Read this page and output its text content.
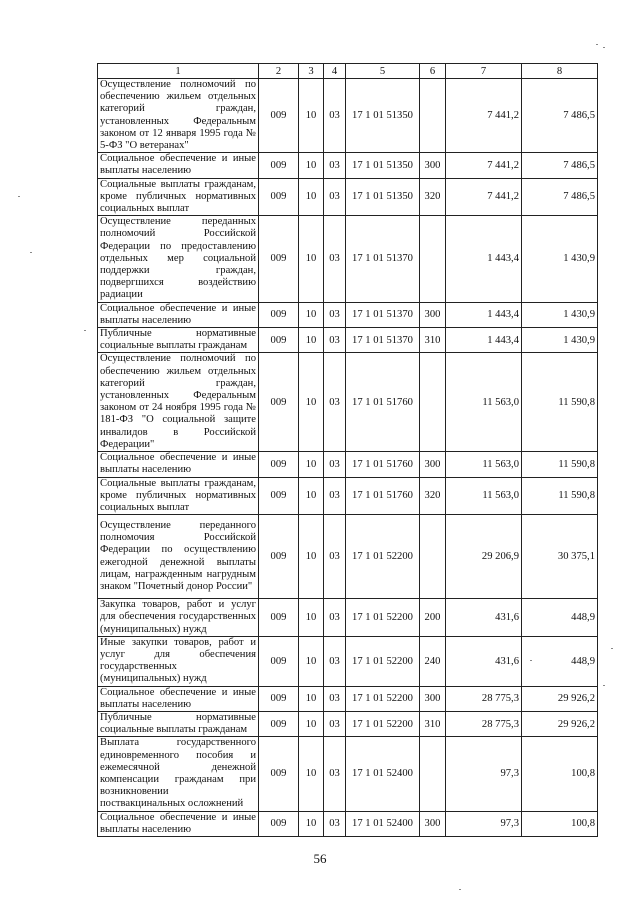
1	2	3	4	5	6	7	8
Осуществление полномочий по обеспечению жильем отдельных категорий граждан, установленных Федеральным законом от 12 января 1995 года № 5-ФЗ "О ветеранах"	009	10	03	17 1 01 51350		7 441,2	7 486,5
Социальное обеспечение и иные выплаты населению	009	10	03	17 1 01 51350	300	7 441,2	7 486,5
Социальные выплаты гражданам, кроме публичных нормативных социальных выплат	009	10	03	17 1 01 51350	320	7 441,2	7 486,5
Осуществление переданных полномочий Российской Федерации по предоставлению отдельных мер социальной поддержки граждан, подвергшихся воздействию радиации	009	10	03	17 1 01 51370		1 443,4	1 430,9
Социальное обеспечение и иные выплаты населению	009	10	03	17 1 01 51370	300	1 443,4	1 430,9
Публичные нормативные социальные выплаты гражданам	009	10	03	17 1 01 51370	310	1 443,4	1 430,9
Осуществление полномочий по обеспечению жильем отдельных категорий граждан, установленных Федеральным законом от 24 ноября 1995 года № 181-ФЗ "О социальной защите инвалидов в Российской Федерации"	009	10	03	17 1 01 51760		11 563,0	11 590,8
Социальное обеспечение и иные выплаты населению	009	10	03	17 1 01 51760	300	11 563,0	11 590,8
Социальные выплаты гражданам, кроме публичных нормативных социальных выплат	009	10	03	17 1 01 51760	320	11 563,0	11 590,8
Осуществление переданного полномочия Российской Федерации по осуществлению ежегодной денежной выплаты лицам, награжденным нагрудным знаком "Почетный донор России"	009	10	03	17 1 01 52200		29 206,9	30 375,1
Закупка товаров, работ и услуг для обеспечения государственных (муниципальных) нужд	009	10	03	17 1 01 52200	200	431,6	448,9
Иные закупки товаров, работ и услуг для обеспечения государственных (муниципальных) нужд	009	10	03	17 1 01 52200	240	431,6	448,9
Социальное обеспечение и иные выплаты населению	009	10	03	17 1 01 52200	300	28 775,3	29 926,2
Публичные нормативные социальные выплаты гражданам	009	10	03	17 1 01 52200	310	28 775,3	29 926,2
Выплата государственного единовременного пособия и ежемесячной денежной компенсации гражданам при возникновении поствакцинальных осложнений	009	10	03	17 1 01 52400		97,3	100,8
Социальное обеспечение и иные выплаты населению	009	10	03	17 1 01 52400	300	97,3	100,8
56
